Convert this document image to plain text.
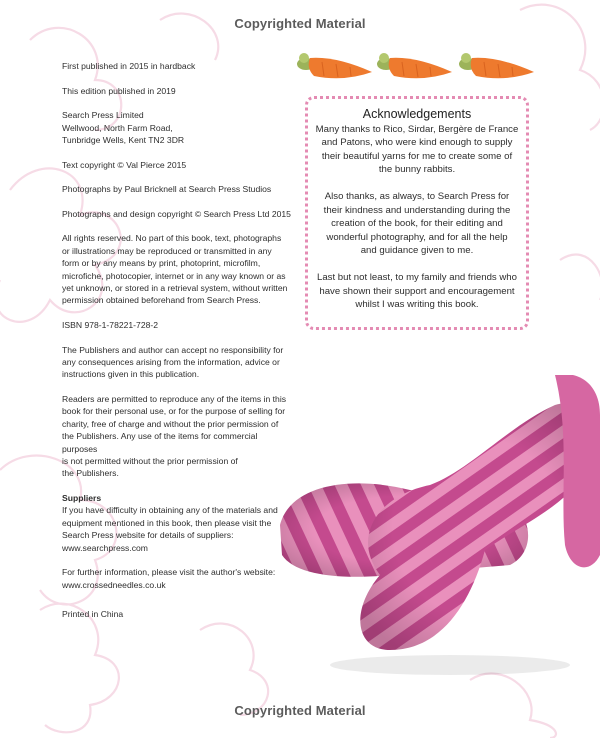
Copyrighted Material

First published in 2015 in hardback

This edition published in 2019

Search Press Limited
Wellwood, North Farm Road,
Tunbridge Wells, Kent TN2 3DR

Text copyright © Val Pierce 2015

Photographs by Paul Bricknell at Search Press Studios

Photographs and design copyright © Search Press Ltd 2015

All rights reserved. No part of this book, text, photographs
or illustrations may be reproduced or transmitted in any
form or by any means by print, photoprint, microfilm,
microfiche, photocopier, internet or in any way known or as
yet unknown, or stored in a retrieval system, without written
permission obtained beforehand from Search Press.

ISBN 978-1-78221-728-2

The Publishers and author can accept no responsibility for
any consequences arising from the information, advice or
instructions given in this publication.

Readers are permitted to reproduce any of the items in this
book for their personal use, or for the purpose of selling for
charity, free of charge and without the prior permission of
the Publishers. Any use of the items for commercial purposes
is not permitted without the prior permission of
the Publishers.

Suppliers
If you have difficulty in obtaining any of the materials and
equipment mentioned in this book, then please visit the
Search Press website for details of suppliers:
www.searchpress.com

For further information, please visit the author's website:
www.crossedneedles.co.uk

Printed in China

Acknowledgements

Many thanks to Rico, Sirdar, Bergère de France
and Patons, who were kind enough to supply
their beautiful yarns for me to create some of
the bunny rabbits.

Also thanks, as always, to Search Press for
their kindness and understanding during the
creation of the book, for their editing and
wonderful photography, and for all the help
and guidance given to me.

Last but not least, to my family and friends who
have shown their support and encouragement
whilst I was writing this book.

Copyrighted Material
